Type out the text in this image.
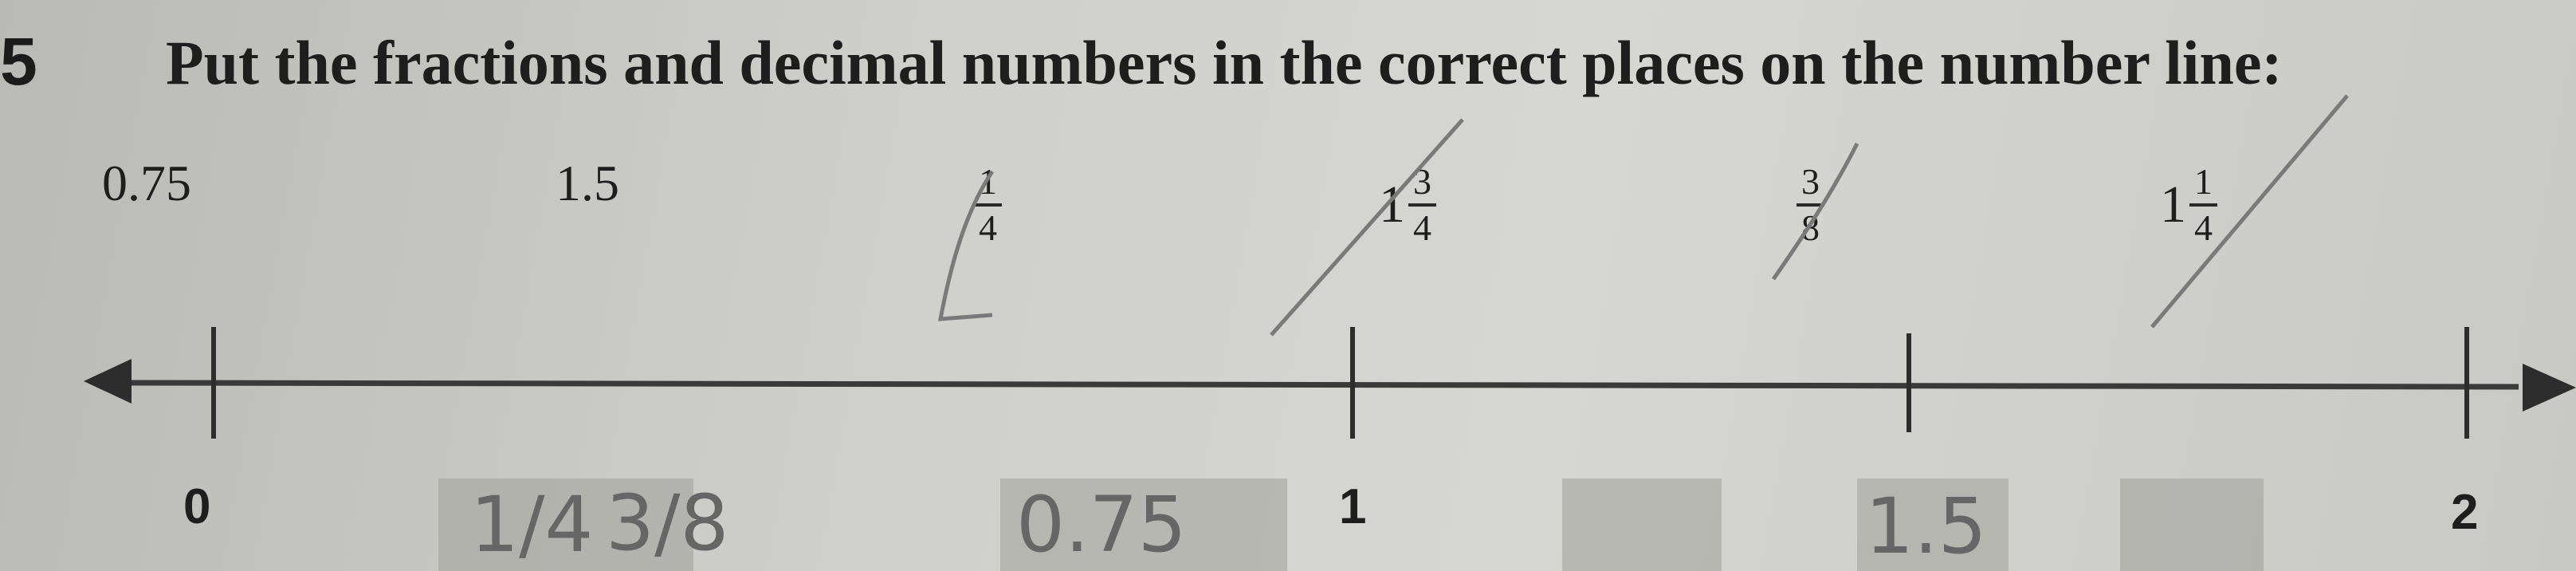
5 Put the fractions and decimal numbers in the correct places on the number line:
0.75	1.5	$\frac{1}{4}$	$1 \frac{3}{4}$	$\frac{3}{8}$	$1 \frac{1}{4}$
0	1	2
1/4 3/8	0.75	1.5
